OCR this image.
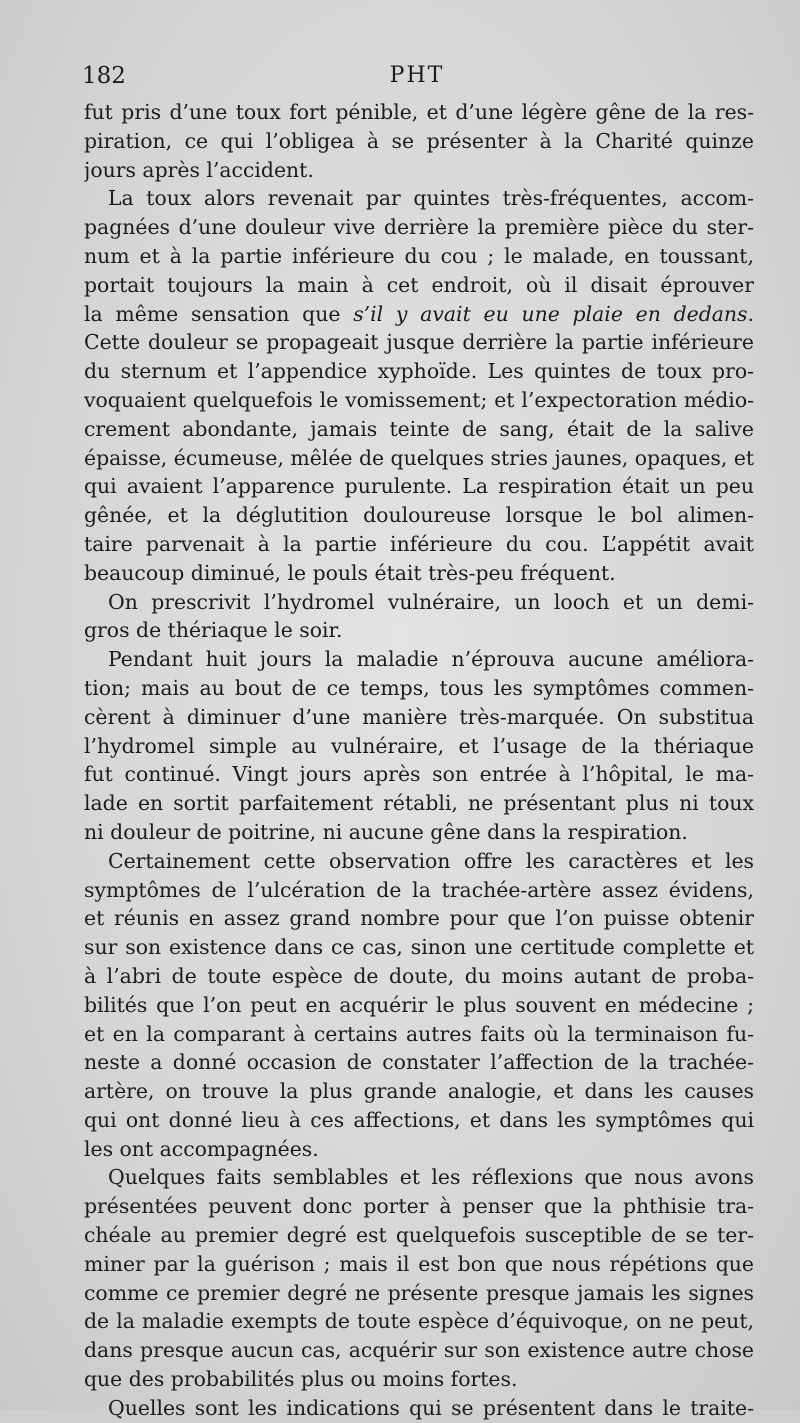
182	PHT
fut pris d’une toux fort pénible, et d’une légère gêne de la res-
piration, ce qui l’obligea à se présenter à la Charité quinze
jours après l’accident.
La toux alors revenait par quintes très-fréquentes, accom-
pagnées d’une douleur vive derrière la première pièce du ster-
num et à la partie inférieure du cou ; le malade, en toussant,
portait toujours la main à cet endroit, où il disait éprouver
la même sensation que s’il y avait eu une plaie en dedans.
Cette douleur se propageait jusque derrière la partie inférieure
du sternum et l’appendice xyphoïde. Les quintes de toux pro-
voquaient quelquefois le vomissement; et l’expectoration médio-
crement abondante, jamais teinte de sang, était de la salive
épaisse, écumeuse, mêlée de quelques stries jaunes, opaques, et
qui avaient l’apparence purulente. La respiration était un peu
gênée, et la déglutition douloureuse lorsque le bol alimen-
taire parvenait à la partie inférieure du cou. L’appétit avait
beaucoup diminué, le pouls était très-peu fréquent.
On prescrivit l’hydromel vulnéraire, un looch et un demi-
gros de thériaque le soir.
Pendant huit jours la maladie n’éprouva aucune améliora-
tion; mais au bout de ce temps, tous les symptômes commen-
cèrent à diminuer d’une manière très-marquée. On substitua
l’hydromel simple au vulnéraire, et l’usage de la thériaque
fut continué. Vingt jours après son entrée à l’hôpital, le ma-
lade en sortit parfaitement rétabli, ne présentant plus ni toux
ni douleur de poitrine, ni aucune gêne dans la respiration.
Certainement cette observation offre les caractères et les
symptômes de l’ulcération de la trachée-artère assez évidens,
et réunis en assez grand nombre pour que l’on puisse obtenir
sur son existence dans ce cas, sinon une certitude complette et
à l’abri de toute espèce de doute, du moins autant de proba-
bilités que l’on peut en acquérir le plus souvent en médecine ;
et en la comparant à certains autres faits où la terminaison fu-
neste a donné occasion de constater l’affection de la trachée-
artère, on trouve la plus grande analogie, et dans les causes
qui ont donné lieu à ces affections, et dans les symptômes qui
les ont accompagnées.
Quelques faits semblables et les réflexions que nous avons
présentées peuvent donc porter à penser que la phthisie tra-
chéale au premier degré est quelquefois susceptible de se ter-
miner par la guérison ; mais il est bon que nous répétions que
comme ce premier degré ne présente presque jamais les signes
de la maladie exempts de toute espèce d’équivoque, on ne peut,
dans presque aucun cas, acquérir sur son existence autre chose
que des probabilités plus ou moins fortes.
Quelles sont les indications qui se présentent dans le traite-
